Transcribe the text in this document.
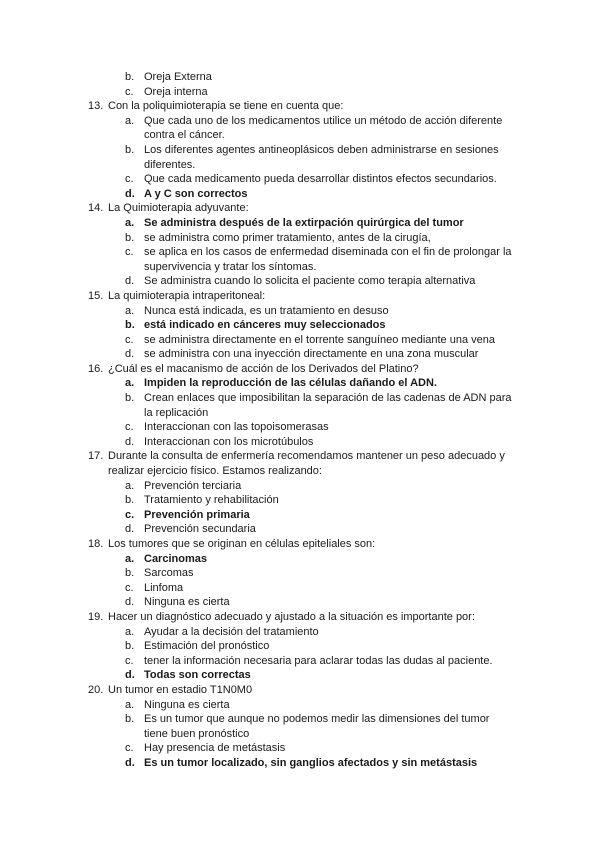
b. Oreja Externa
c. Oreja interna
13. Con la poliquimioterapia se tiene en cuenta que:
a. Que cada uno de los medicamentos utilice un método de acción diferente contra el cáncer.
b. Los diferentes agentes antineoplásicos deben administrarse en sesiones diferentes.
c. Que cada medicamento pueda desarrollar distintos efectos secundarios.
d. A y C son correctos
14. La Quimioterapia adyuvante:
a. Se administra después de la extirpación quirúrgica del tumor
b. se administra como primer tratamiento, antes de la cirugía,
c. se aplica en los casos de enfermedad diseminada con el fin de prolongar la supervivencia y tratar los síntomas.
d. Se administra cuando lo solicita el paciente como terapia alternativa
15. La quimioterapia intraperitoneal:
a. Nunca está indicada, es un tratamiento en desuso
b. está indicado en cánceres muy seleccionados
c. se administra directamente en el torrente sanguíneo mediante una vena
d. se administra con una inyección directamente en una zona muscular
16. ¿Cuál es el macanismo de acción de los Derivados del Platino?
a. Impiden la reproducción de las células dañando el ADN.
b. Crean enlaces que imposibilitan la separación de las cadenas de ADN para la replicación
c. Interaccionan con las topoisomerasas
d. Interaccionan con los microtúbulos
17. Durante la consulta de enfermería recomendamos mantener un peso adecuado y realizar ejercicio físico. Estamos realizando:
a. Prevención terciaria
b. Tratamiento y rehabilitación
c. Prevención primaria
d. Prevención secundaria
18. Los tumores que se originan en células epiteliales son:
a. Carcinomas
b. Sarcomas
c. Linfoma
d. Ninguna es cierta
19. Hacer un diagnóstico adecuado y ajustado a la situación es importante por:
a. Ayudar a la decisión del tratamiento
b. Estimación del pronóstico
c. tener la información necesaria para aclarar todas las dudas al paciente.
d. Todas son correctas
20. Un tumor en estadio T1N0M0
a. Ninguna es cierta
b. Es un tumor que aunque no podemos medir las dimensiones del tumor tiene buen pronóstico
c. Hay presencia de metástasis
d. Es un tumor localizado, sin ganglios afectados y sin metástasis
